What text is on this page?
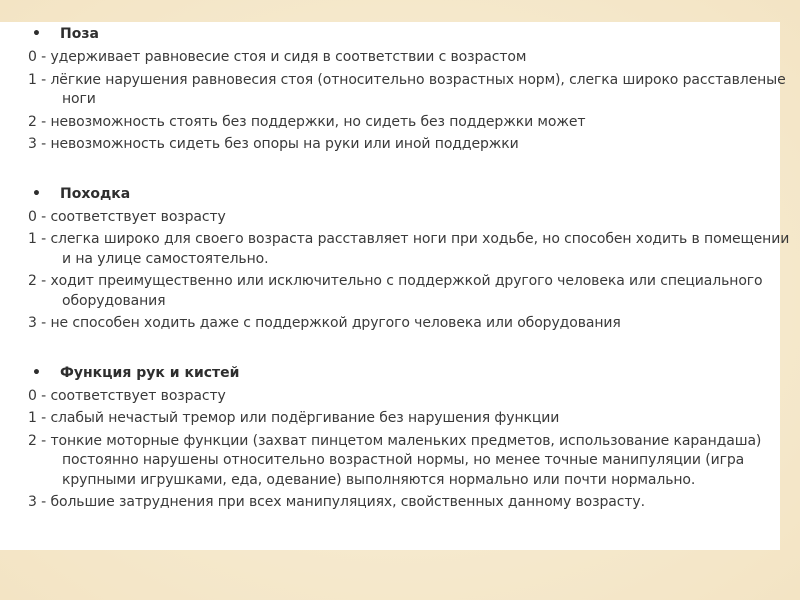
•	Поза
0 - удерживает равновесие стоя и сидя в соответствии с возрастом
1 - лёгкие нарушения равновесия стоя (относительно возрастных норм), слегка широко расставленые ноги
2 - невозможность стоять без поддержки, но сидеть без поддержки может
3 - невозможность сидеть без опоры на руки или иной поддержки
•	Походка
0 - соответствует возрасту
1 - слегка широко для своего возраста расставляет ноги при ходьбе, но способен ходить в помещении и на улице самостоятельно.
2 - ходит преимущественно или исключительно с поддержкой другого человека или специального оборудования
3 - не способен ходить даже с поддержкой другого человека или оборудования
•	Функция рук и кистей
0 - соответствует возрасту
1 - слабый нечастый тремор или подёргивание без нарушения функции
2 - тонкие моторные функции (захват пинцетом маленьких предметов, использование карандаша) постоянно нарушены относительно возрастной нормы, но менее точные манипуляции (игра крупными игрушками, еда, одевание) выполняются нормально или почти нормально.
3 - большие затруднения при всех манипуляциях, свойственных данному возрасту.
